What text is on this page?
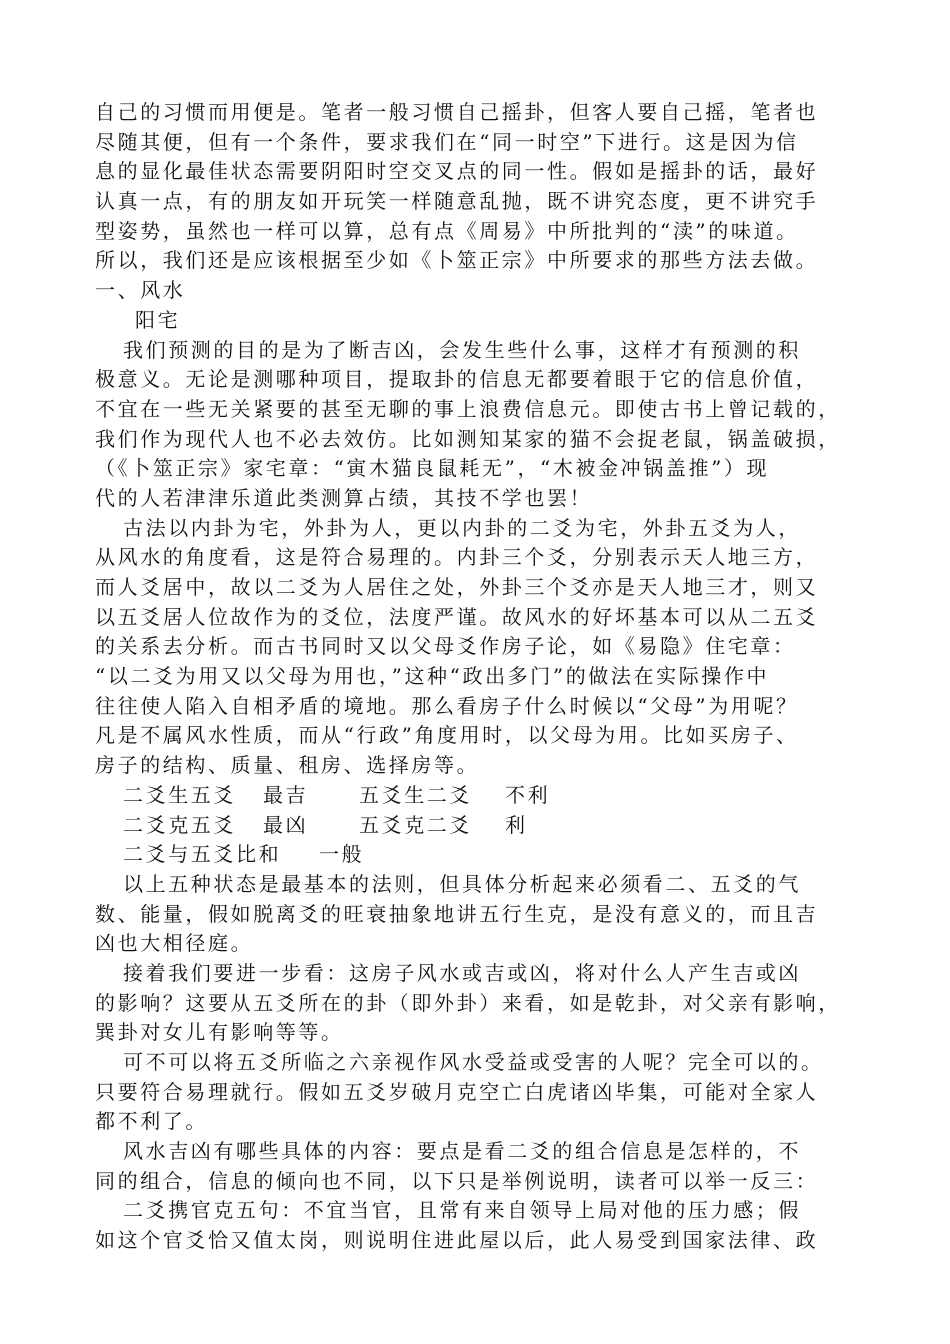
自己的习惯而用便是。笔者一般习惯自己摇卦，但客人要自己摇，笔者也
尽随其便，但有一个条件，要求我们在“同一时空”下进行。这是因为信
息的显化最佳状态需要阴阳时空交叉点的同一性。假如是摇卦的话，最好
认真一点，有的朋友如开玩笑一样随意乱抛，既不讲究态度，更不讲究手
型姿势，虽然也一样可以算，总有点《周易》中所批判的“渎”的味道。
所以，我们还是应该根据至少如《卜筮正宗》中所要求的那些方法去做。
一、风水
阳宅
我们预测的目的是为了断吉凶，会发生些什么事，这样才有预测的积
极意义。无论是测哪种项目，提取卦的信息无都要着眼于它的信息价值，
不宜在一些无关紧要的甚至无聊的事上浪费信息元。即使古书上曾记载的，
我们作为现代人也不必去效仿。比如测知某家的猫不会捉老鼠，锅盖破损，
（《卜筮正宗》家宅章：“寅木猫良鼠耗无”，“木被金冲锅盖推”）现
代的人若津津乐道此类测算占绩，其技不学也罢！
古法以内卦为宅，外卦为人，更以内卦的二爻为宅，外卦五爻为人，
从风水的角度看，这是符合易理的。内卦三个爻，分别表示天人地三方，
而人爻居中，故以二爻为人居住之处，外卦三个爻亦是天人地三才，则又
以五爻居人位故作为的爻位，法度严谨。故风水的好坏基本可以从二五爻
的关系去分析。而古书同时又以父母爻作房子论，如《易隐》住宅章：
“以二爻为用又以父母为用也，”这种“政出多门”的做法在实际操作中
往往使人陷入自相矛盾的境地。那么看房子什么时候以“父母”为用呢？
凡是不属风水性质，而从“行政”角度用时，以父母为用。比如买房子、
房子的结构、质量、租房、选择房等。
二爻生五爻 最吉	五爻生二爻 不利
二爻克五爻 最凶	五爻克二爻 利
二爻与五爻比和 一般
以上五种状态是最基本的法则，但具体分析起来必须看二、五爻的气
数、能量，假如脱离爻的旺衰抽象地讲五行生克，是没有意义的，而且吉
凶也大相径庭。
接着我们要进一步看：这房子风水或吉或凶，将对什么人产生吉或凶
的影响？这要从五爻所在的卦（即外卦）来看，如是乾卦，对父亲有影响，
巽卦对女儿有影响等等。
可不可以将五爻所临之六亲视作风水受益或受害的人呢？完全可以的。
只要符合易理就行。假如五爻岁破月克空亡白虎诸凶毕集，可能对全家人
都不利了。
风水吉凶有哪些具体的内容：要点是看二爻的组合信息是怎样的，不
同的组合，信息的倾向也不同，以下只是举例说明，读者可以举一反三：
二爻携官克五句：不宜当官，且常有来自领导上局对他的压力感；假
如这个官爻恰又值太岗，则说明住进此屋以后，此人易受到国家法律、政
